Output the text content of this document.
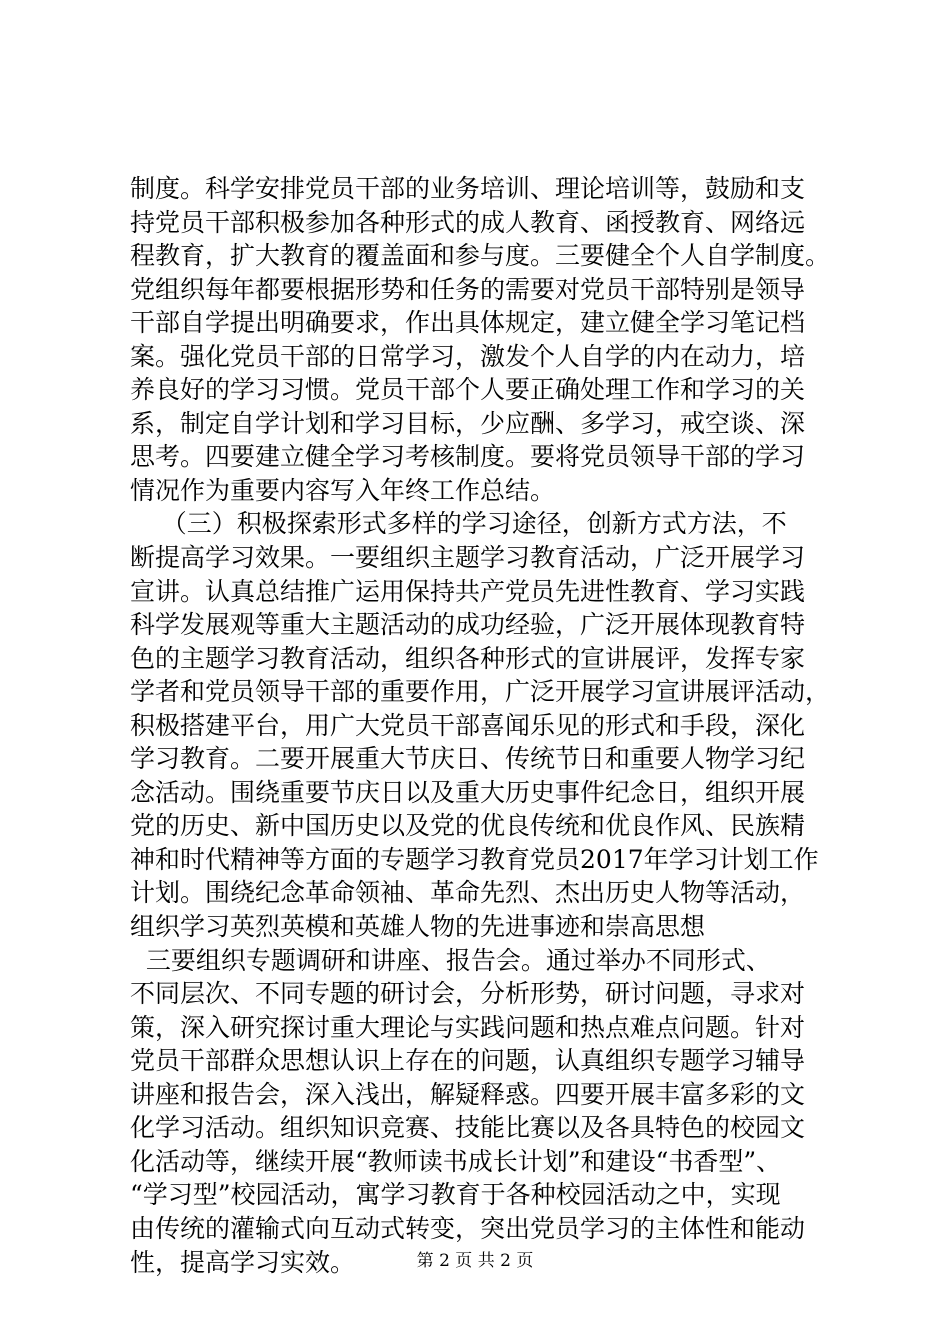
制度。科学安排党员干部的业务培训、理论培训等，鼓励和支
持党员干部积极参加各种形式的成人教育、函授教育、网络远
程教育，扩大教育的覆盖面和参与度。三要健全个人自学制度。
党组织每年都要根据形势和任务的需要对党员干部特别是领导
干部自学提出明确要求，作出具体规定，建立健全学习笔记档
案。强化党员干部的日常学习，激发个人自学的内在动力，培
养良好的学习习惯。党员干部个人要正确处理工作和学习的关
系，制定自学计划和学习目标，少应酬、多学习，戒空谈、深
思考。四要建立健全学习考核制度。要将党员领导干部的学习
情况作为重要内容写入年终工作总结。
（三）积极探索形式多样的学习途径，创新方式方法，不
断提高学习效果。一要组织主题学习教育活动，广泛开展学习
宣讲。认真总结推广运用保持共产党员先进性教育、学习实践
科学发展观等重大主题活动的成功经验，广泛开展体现教育特
色的主题学习教育活动，组织各种形式的宣讲展评，发挥专家
学者和党员领导干部的重要作用，广泛开展学习宣讲展评活动，
积极搭建平台，用广大党员干部喜闻乐见的形式和手段，深化
学习教育。二要开展重大节庆日、传统节日和重要人物学习纪
念活动。围绕重要节庆日以及重大历史事件纪念日，组织开展
党的历史、新中国历史以及党的优良传统和优良作风、民族精
神和时代精神等方面的专题学习教育党员2017年学习计划工作
计划。围绕纪念革命领袖、革命先烈、杰出历史人物等活动，
组织学习英烈英模和英雄人物的先进事迹和崇高思想
三要组织专题调研和讲座、报告会。通过举办不同形式、
不同层次、不同专题的研讨会，分析形势，研讨问题，寻求对
策，深入研究探讨重大理论与实践问题和热点难点问题。针对
党员干部群众思想认识上存在的问题，认真组织专题学习辅导
讲座和报告会，深入浅出，解疑释惑。四要开展丰富多彩的文
化学习活动。组织知识竞赛、技能比赛以及各具特色的校园文
化活动等，继续开展“教师读书成长计划”和建设“书香型”、
“学习型”校园活动，寓学习教育于各种校园活动之中，实现
由传统的灌输式向互动式转变，突出党员学习的主体性和能动
性，提高学习实效。	第 2 页 共 2 页
